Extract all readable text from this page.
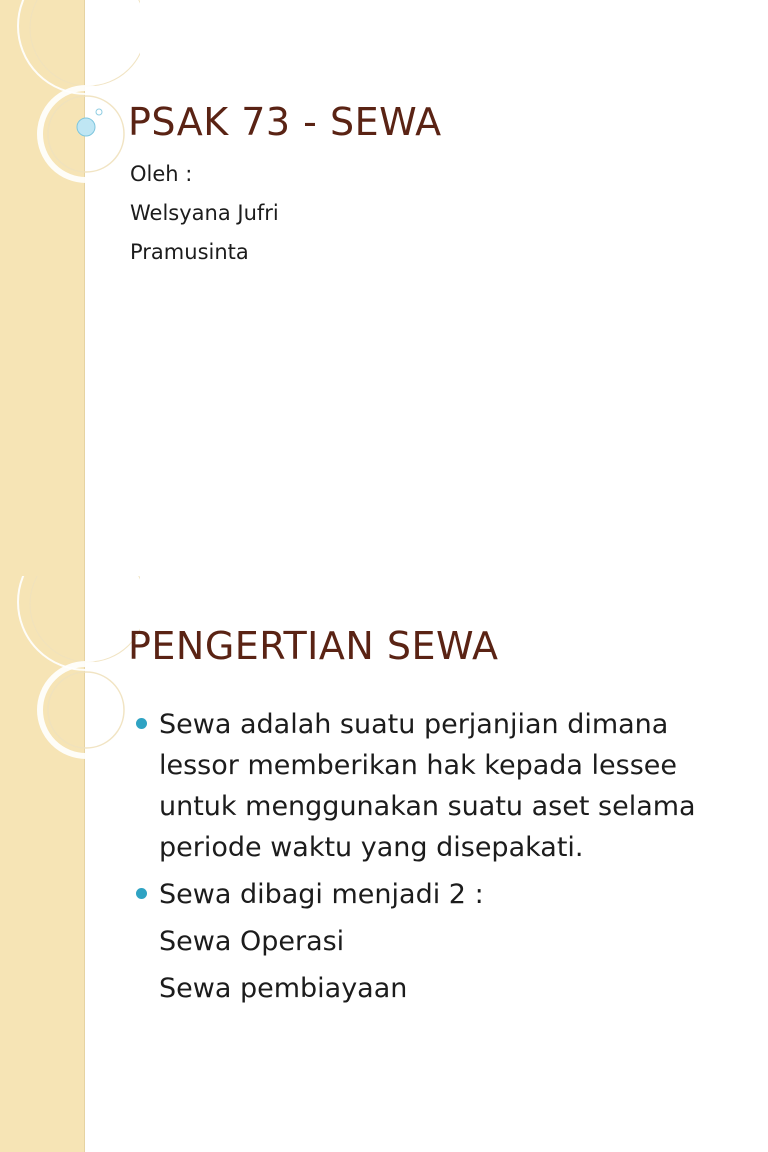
PSAK 73 - SEWA
Oleh :
Welsyana Jufri
Pramusinta
PENGERTIAN SEWA
Sewa adalah suatu perjanjian dimana lessor memberikan hak kepada lessee untuk menggunakan suatu aset selama periode waktu yang disepakati.
Sewa dibagi menjadi 2 :
Sewa Operasi
Sewa pembiayaan
